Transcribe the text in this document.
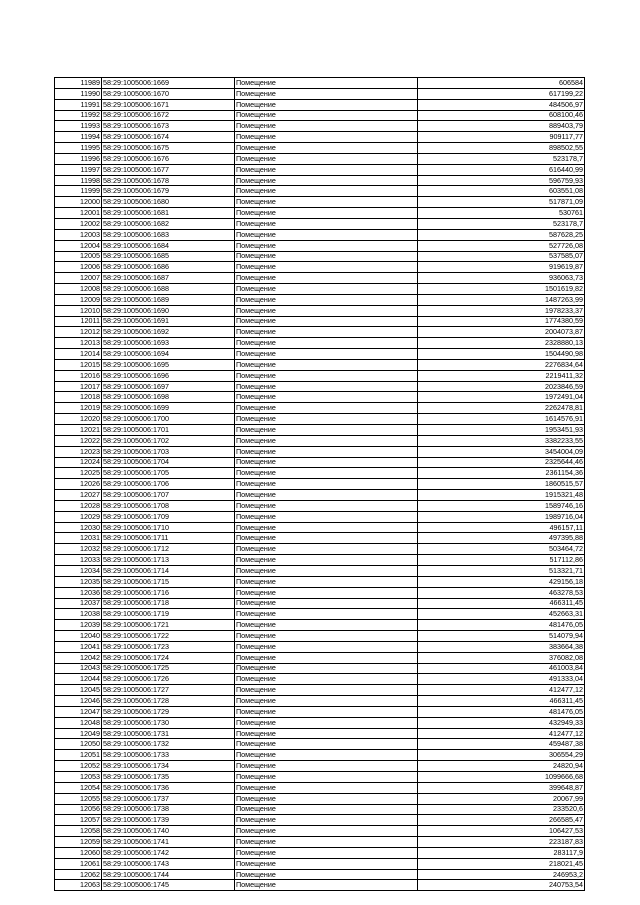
11989	58:29:1005006:1669	Помещение	606584
11990	58:29:1005006:1670	Помещение	617199,22
11991	58:29:1005006:1671	Помещение	484506,97
11992	58:29:1005006:1672	Помещение	608100,46
11993	58:29:1005006:1673	Помещение	889403,79
11994	58:29:1005006:1674	Помещение	909117,77
11995	58:29:1005006:1675	Помещение	898502,55
11996	58:29:1005006:1676	Помещение	523178,7
11997	58:29:1005006:1677	Помещение	616440,99
11998	58:29:1005006:1678	Помещение	596759,93
11999	58:29:1005006:1679	Помещение	603551,08
12000	58:29:1005006:1680	Помещение	517871,09
12001	58:29:1005006:1681	Помещение	530761
12002	58:29:1005006:1682	Помещение	523178,7
12003	58:29:1005006:1683	Помещение	587628,25
12004	58:29:1005006:1684	Помещение	527726,08
12005	58:29:1005006:1685	Помещение	537585,07
12006	58:29:1005006:1686	Помещение	919619,87
12007	58:29:1005006:1687	Помещение	936063,73
12008	58:29:1005006:1688	Помещение	1501619,82
12009	58:29:1005006:1689	Помещение	1487263,99
12010	58:29:1005006:1690	Помещение	1978233,37
12011	58:29:1005006:1691	Помещение	1774380,59
12012	58:29:1005006:1692	Помещение	2004073,87
12013	58:29:1005006:1693	Помещение	2328880,13
12014	58:29:1005006:1694	Помещение	1504490,98
12015	58:29:1005006:1695	Помещение	2276834,64
12016	58:29:1005006:1696	Помещение	2219411,32
12017	58:29:1005006:1697	Помещение	2023846,59
12018	58:29:1005006:1698	Помещение	1972491,04
12019	58:29:1005006:1699	Помещение	2262478,81
12020	58:29:1005006:1700	Помещение	1614576,91
12021	58:29:1005006:1701	Помещение	1953451,93
12022	58:29:1005006:1702	Помещение	3382233,55
12023	58:29:1005006:1703	Помещение	3454004,09
12024	58:29:1005006:1704	Помещение	2325644,46
12025	58:29:1005006:1705	Помещение	2361154,36
12026	58:29:1005006:1706	Помещение	1860515,57
12027	58:29:1005006:1707	Помещение	1915321,48
12028	58:29:1005006:1708	Помещение	1589746,16
12029	58:29:1005006:1709	Помещение	1989716,04
12030	58:29:1005006:1710	Помещение	496157,11
12031	58:29:1005006:1711	Помещение	497395,88
12032	58:29:1005006:1712	Помещение	503464,72
12033	58:29:1005006:1713	Помещение	517112,86
12034	58:29:1005006:1714	Помещение	513321,71
12035	58:29:1005006:1715	Помещение	429156,18
12036	58:29:1005006:1716	Помещение	463278,53
12037	58:29:1005006:1718	Помещение	466311,45
12038	58:29:1005006:1719	Помещение	452663,31
12039	58:29:1005006:1721	Помещение	481476,05
12040	58:29:1005006:1722	Помещение	514079,94
12041	58:29:1005006:1723	Помещение	383664,38
12042	58:29:1005006:1724	Помещение	376082,08
12043	58:29:1005006:1725	Помещение	461003,84
12044	58:29:1005006:1726	Помещение	491333,04
12045	58:29:1005006:1727	Помещение	412477,12
12046	58:29:1005006:1728	Помещение	466311,45
12047	58:29:1005006:1729	Помещение	481476,05
12048	58:29:1005006:1730	Помещение	432949,33
12049	58:29:1005006:1731	Помещение	412477,12
12050	58:29:1005006:1732	Помещение	459487,38
12051	58:29:1005006:1733	Помещение	306554,29
12052	58:29:1005006:1734	Помещение	24820,94
12053	58:29:1005006:1735	Помещение	1099666,68
12054	58:29:1005006:1736	Помещение	399648,87
12055	58:29:1005006:1737	Помещение	20067,99
12056	58:29:1005006:1738	Помещение	233520,6
12057	58:29:1005006:1739	Помещение	266585,47
12058	58:29:1005006:1740	Помещение	106427,53
12059	58:29:1005006:1741	Помещение	223187,83
12060	58:29:1005006:1742	Помещение	283117,9
12061	58:29:1005006:1743	Помещение	218021,45
12062	58:29:1005006:1744	Помещение	246953,2
12063	58:29:1005006:1745	Помещение	240753,54
